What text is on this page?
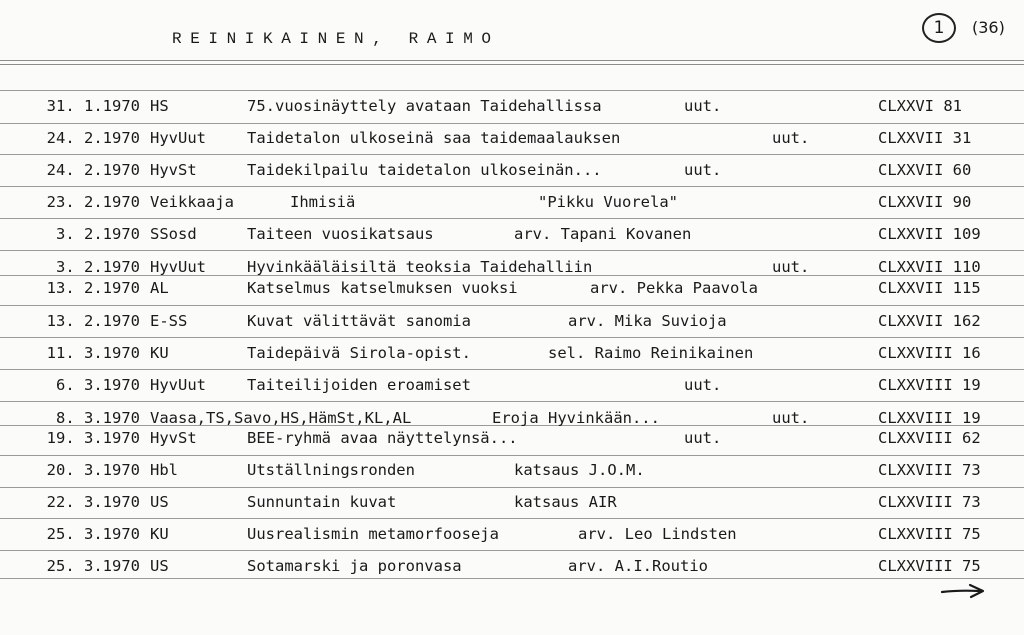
REINIKAINEN, RAIMO
1 (36)
31. 1.1970 HS	75.vuosinäyttely avataan Taidehallissa	uut.	CLXXVI 81
24. 2.1970 HyvUut	Taidetalon ulkoseinä saa taidemaalauksen	uut.	CLXXVII 31
24. 2.1970 HyvSt	Taidekilpailu taidetalon ulkoseinän...	uut.	CLXXVII 60
23. 2.1970 Veikkaaja	Ihmisiä	"Pikku Vuorela"	CLXXVII 90
3. 2.1970 SSosd	Taiteen vuosikatsaus	arv. Tapani Kovanen	CLXXVII 109
3. 2.1970 HyvUut	Hyvinkääläisiltä teoksia Taidehalliin	uut.	CLXXVII 110
13. 2.1970 AL	Katselmus katselmuksen vuoksi	arv. Pekka Paavola	CLXXVII 115
13. 2.1970 E-SS	Kuvat välittävät sanomia	arv. Mika Suvioja	CLXXVII 162
11. 3.1970 KU	Taidepäivä Sirola-opist.	sel. Raimo Reinikainen	CLXXVIII 16
6. 3.1970 HyvUut	Taiteilijoiden eroamiset	uut.	CLXXVIII 19
8. 3.1970 Vaasa,TS,Savo,HS,HämSt,KL,AL	Eroja Hyvinkään...	uut.	CLXXVIII 19
19. 3.1970 HyvSt	BEE-ryhmä avaa näyttelynsä...	uut.	CLXXVIII 62
20. 3.1970 Hbl	Utställningsronden	katsaus J.O.M.	CLXXVIII 73
22. 3.1970 US	Sunnuntain kuvat	katsaus AIR	CLXXVIII 73
25. 3.1970 KU	Uusrealismin metamorfooseja	arv. Leo Lindsten	CLXXVIII 75
25. 3.1970 US	Sotamarski ja poronvasa	arv. A.I.Routio	CLXXVIII 75
